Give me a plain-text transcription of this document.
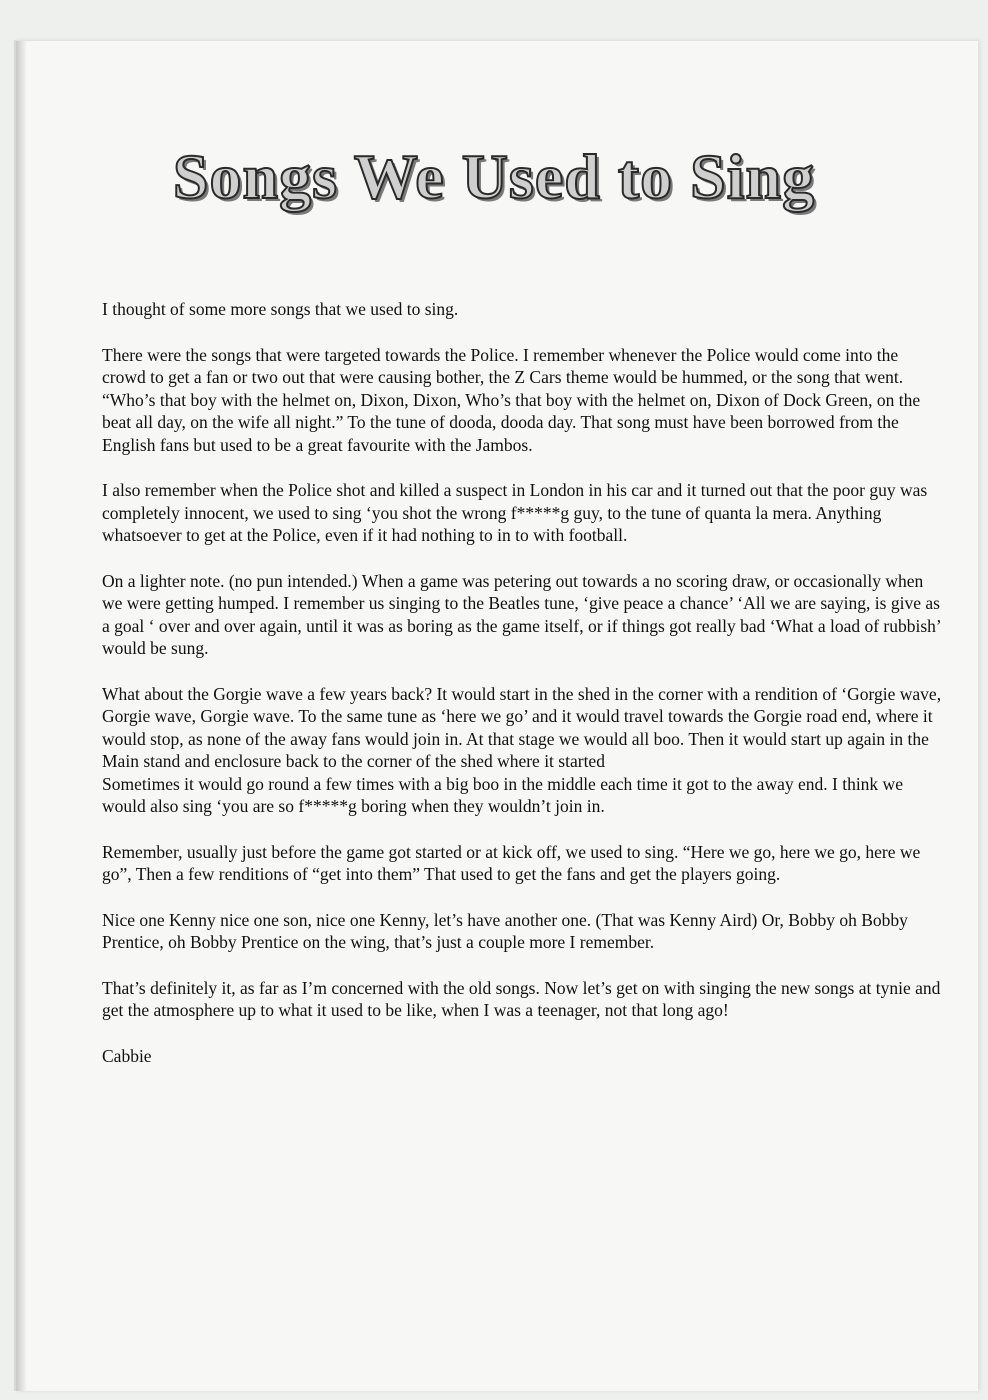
Songs We Used to Sing

I thought of some more songs that we used to sing.

There were the songs that were targeted towards the Police. I remember whenever the Police would come into the crowd to get a fan or two out that were causing bother, the Z Cars theme would be hummed, or the song that went. “Who’s that boy with the helmet on, Dixon, Dixon, Who’s that boy with the helmet on, Dixon of Dock Green, on the beat all day, on the wife all night.” To the tune of dooda, dooda day. That song must have been borrowed from the English fans but used to be a great favourite with the Jambos.

I also remember when the Police shot and killed a suspect in London in his car and it turned out that the poor guy was completely innocent, we used to sing ‘you shot the wrong f*****g guy, to the tune of quanta la mera. Anything whatsoever to get at the Police, even if it had nothing to in to with football.

On a lighter note. (no pun intended.) When a game was petering out towards a no scoring draw, or occasionally when we were getting humped. I remember us singing to the Beatles tune, ‘give peace a chance’ ‘All we are saying, is give as a goal ‘ over and over again, until it was as boring as the game itself, or if things got really bad ‘What a load of rubbish’ would be sung.

What about the Gorgie wave a few years back? It would start in the shed in the corner with a rendition of ‘Gorgie wave, Gorgie wave, Gorgie wave. To the same tune as ‘here we go’ and it would travel towards the Gorgie road end, where it would stop, as none of the away fans would join in. At that stage we would all boo. Then it would start up again in the Main stand and enclosure back to the corner of the shed where it started

Sometimes it would go round a few times with a big boo in the middle each time it got to the away end. I think we would also sing ‘you are so f*****g boring when they wouldn’t join in.

Remember, usually just before the game got started or at kick off, we used to sing. “Here we go, here we go, here we go”, Then a few renditions of “get into them” That used to get the fans and get the players going.

Nice one Kenny nice one son, nice one Kenny, let’s have another one. (That was Kenny Aird) Or, Bobby oh Bobby Prentice, oh Bobby Prentice on the wing, that’s just a couple more I remember.

That’s definitely it, as far as I’m concerned with the old songs. Now let’s get on with singing the new songs at tynie and get the atmosphere up to what it used to be like, when I was a teenager, not that long ago!

Cabbie
